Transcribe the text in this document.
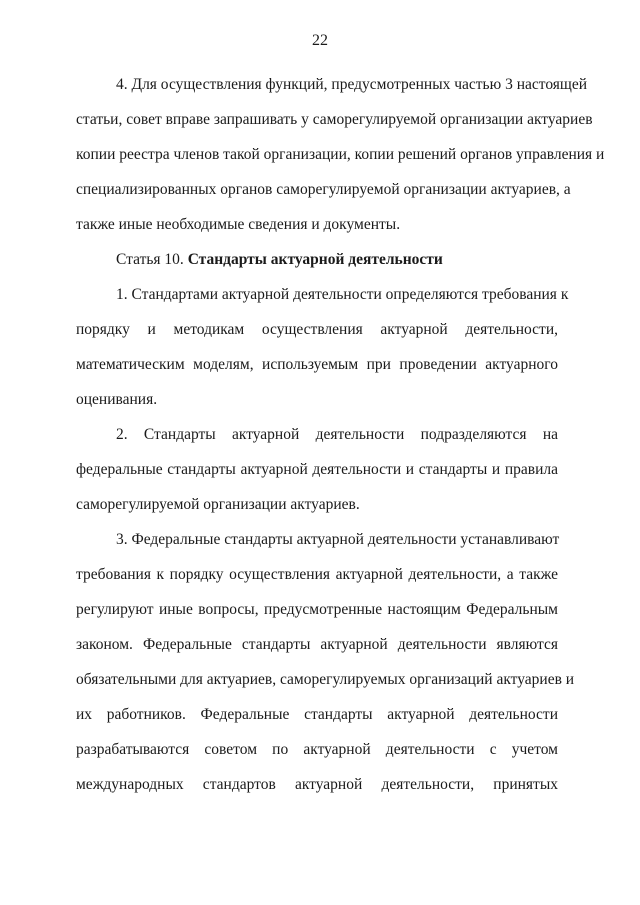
22

4. Для осуществления функций, предусмотренных частью 3 настоящей
статьи, совет вправе запрашивать у саморегулируемой организации актуариев
копии реестра членов такой организации, копии решений органов управления и
специализированных органов саморегулируемой организации актуариев, а
также иные необходимые сведения и документы.

Статья 10. Стандарты актуарной деятельности

1. Стандартами актуарной деятельности определяются требования к
порядку и методикам осуществления актуарной деятельности,
математическим моделям, используемым при проведении актуарного
оценивания.

2. Стандарты актуарной деятельности подразделяются на
федеральные стандарты актуарной деятельности и стандарты и правила
саморегулируемой организации актуариев.

3. Федеральные стандарты актуарной деятельности устанавливают
требования к порядку осуществления актуарной деятельности, а также
регулируют иные вопросы, предусмотренные настоящим Федеральным
законом. Федеральные стандарты актуарной деятельности являются
обязательными для актуариев, саморегулируемых организаций актуариев и
их работников. Федеральные стандарты актуарной деятельности
разрабатываются советом по актуарной деятельности с учетом
международных стандартов актуарной деятельности, принятых
